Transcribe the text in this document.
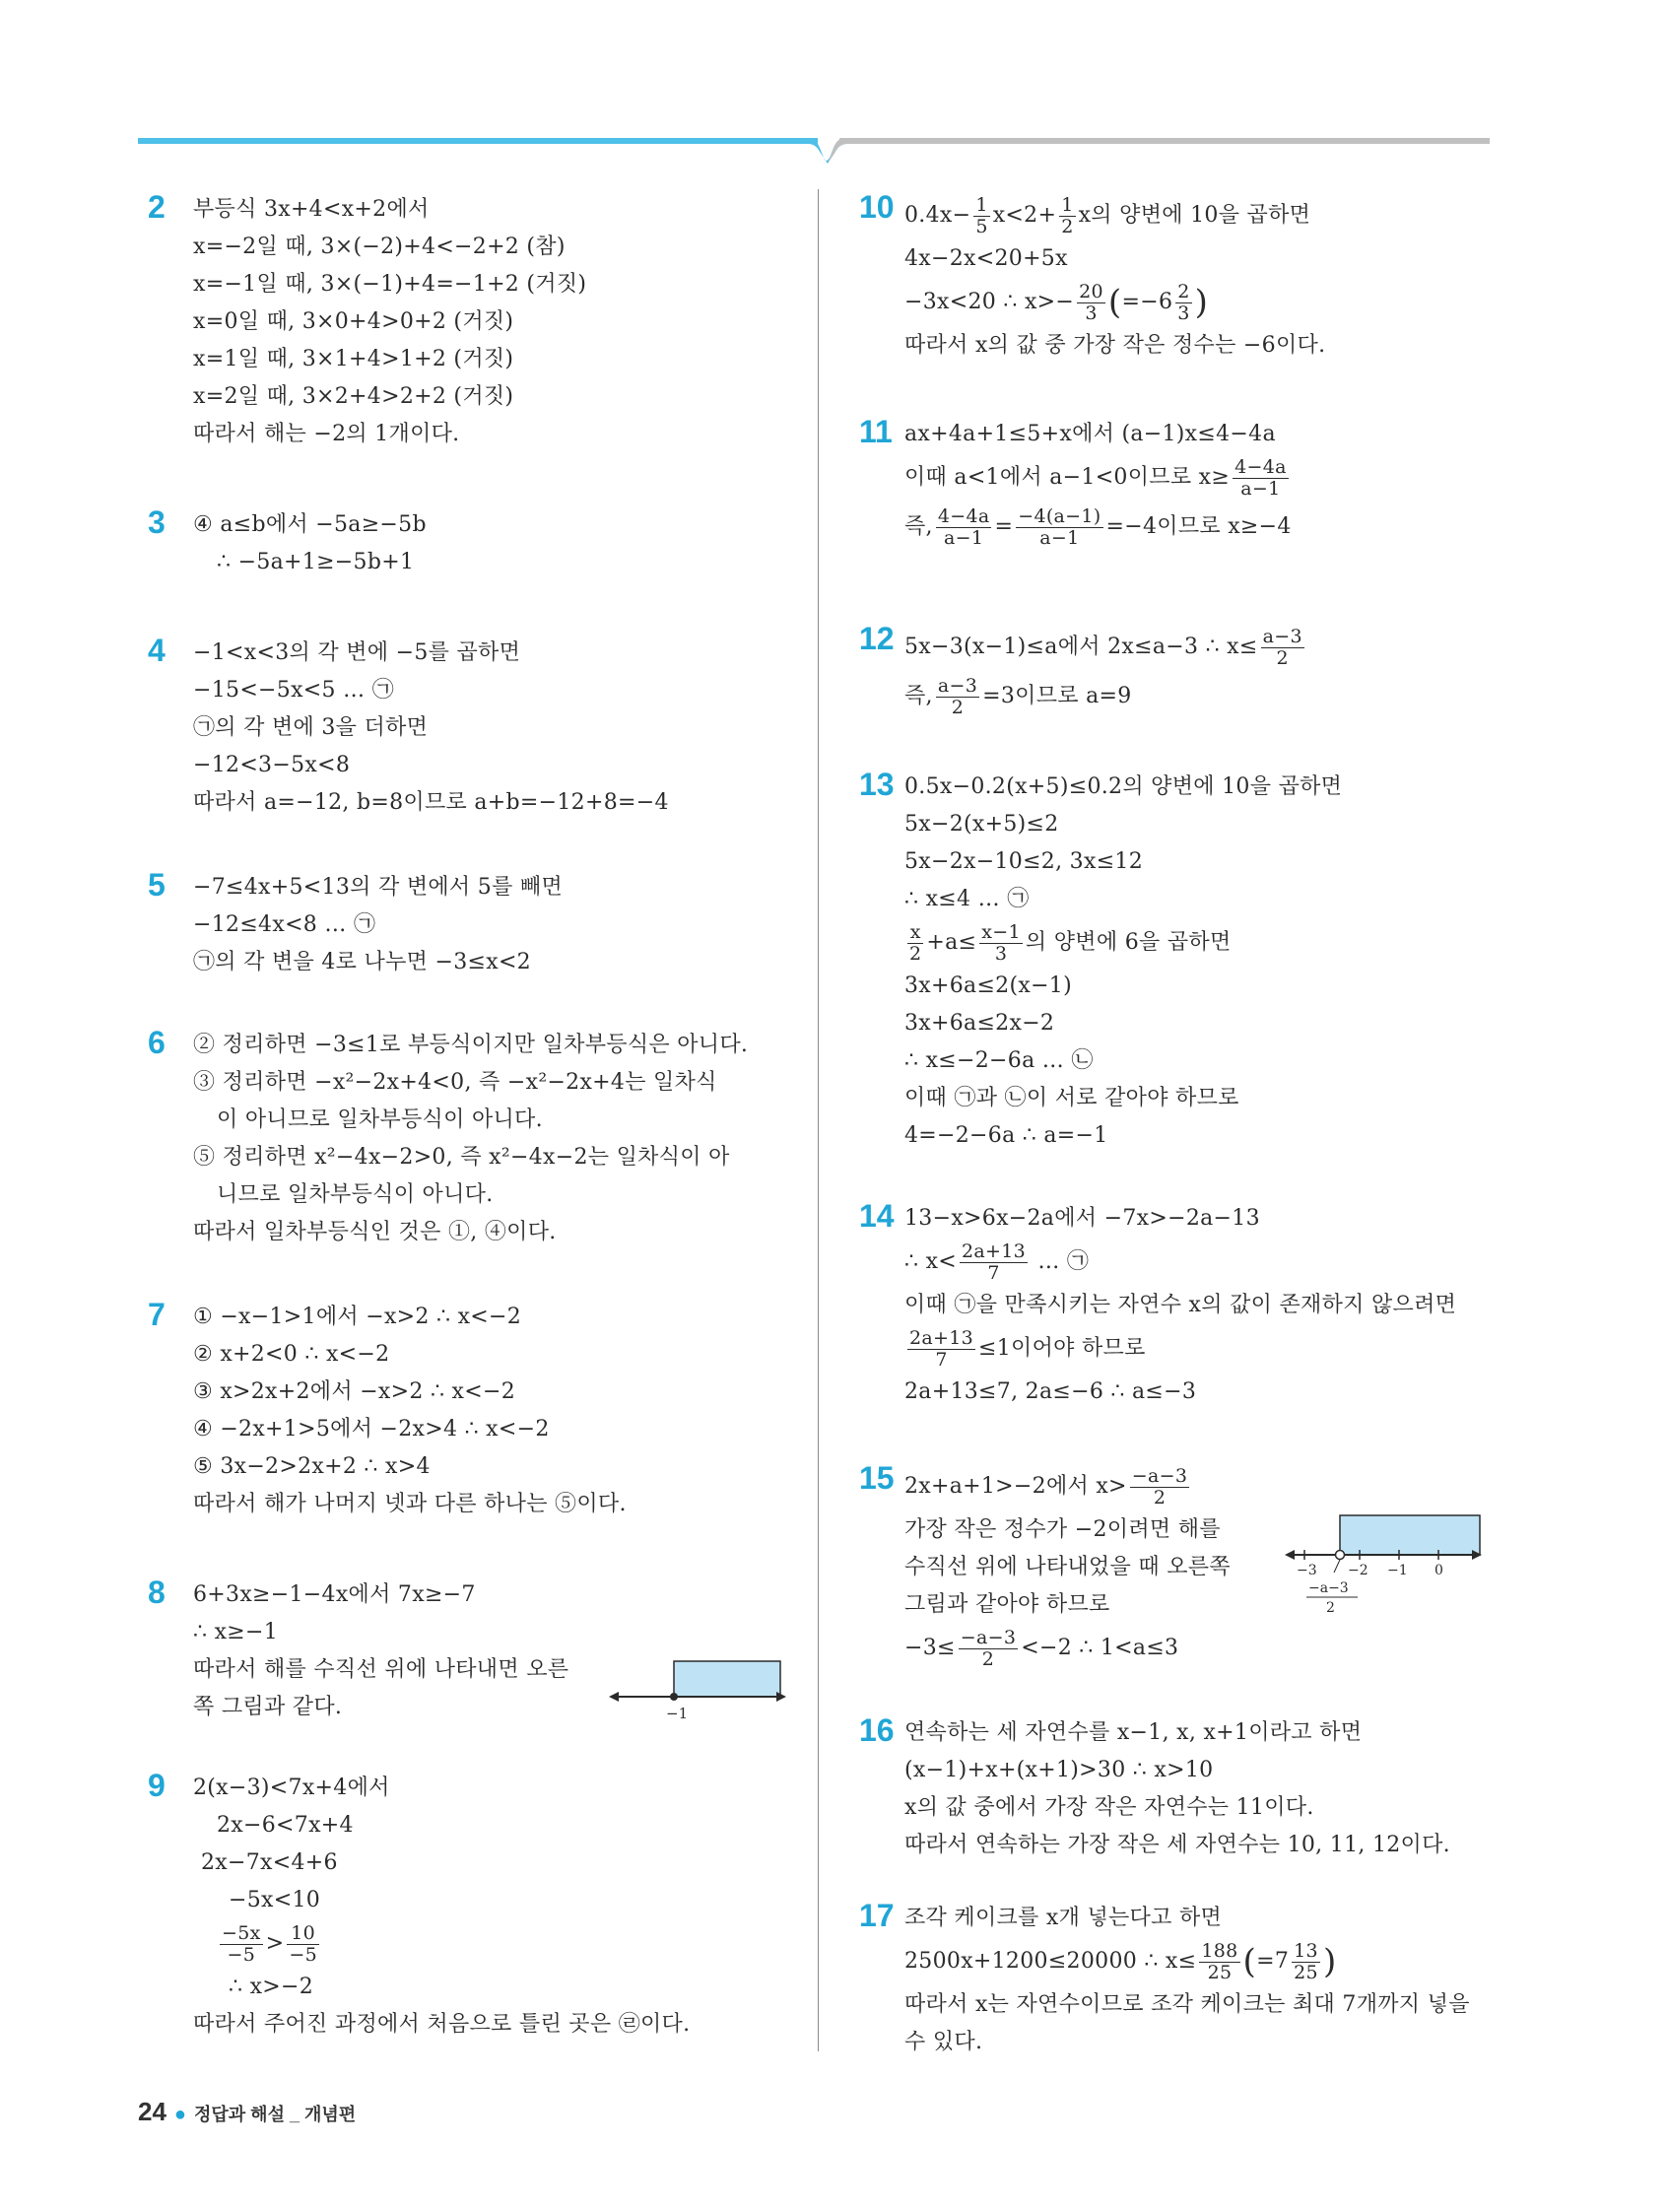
2 부등식 3x+4<x+2에서
x=−2일 때, 3×(−2)+4<−2+2 (참)
x=−1일 때, 3×(−1)+4=−1+2 (거짓)
x=0일 때, 3×0+4>0+2 (거짓)
x=1일 때, 3×1+4>1+2 (거짓)
x=2일 때, 3×2+4>2+2 (거짓)
따라서 해는 −2의 1개이다.
3 ④ a≤b에서 −5a≥−5b
∴ −5a+1≥−5b+1
4 −1<x<3의 각 변에 −5를 곱하면
−15<−5x<5 … ㉠
㉠의 각 변에 3을 더하면
−12<3−5x<8
따라서 a=−12, b=8이므로 a+b=−12+8=−4
5 −7≤4x+5<13의 각 변에서 5를 빼면
−12≤4x<8 … ㉠
㉠의 각 변을 4로 나누면 −3≤x<2
6 ② 정리하면 −3≤1로 부등식이지만 일차부등식은 아니다.
③ 정리하면 −x²−2x+4<0, 즉 −x²−2x+4는 일차식
이 아니므로 일차부등식이 아니다.
⑤ 정리하면 x²−4x−2>0, 즉 x²−4x−2는 일차식이 아
니므로 일차부등식이 아니다.
따라서 일차부등식인 것은 ①, ④이다.
7 ① −x−1>1에서 −x>2 ∴ x<−2
② x+2<0 ∴ x<−2
③ x>2x+2에서 −x>2 ∴ x<−2
④ −2x+1>5에서 −2x>4 ∴ x<−2
⑤ 3x−2>2x+2 ∴ x>4
따라서 해가 나머지 넷과 다른 하나는 ⑤이다.
8 6+3x≥−1−4x에서 7x≥−7
∴ x≥−1
따라서 해를 수직선 위에 나타내면 오른
쪽 그림과 같다.	−1
9 2(x−3)<7x+4에서
2x−6<7x+4
2x−7x<4+6
−5x<10
$\frac{-5x}{-5} > \frac{10}{-5}$
∴ x>−2
따라서 주어진 과정에서 처음으로 틀린 곳은 ㉣이다.
10 $0.4x- \frac{1}{5} x<2+ \frac{1}{2}$ x의 양변에 10을 곱하면
4x−2x<20+5x
−3x<20 ∴ $x>- \frac{20}{3} (=-6 \frac{2}{3}$ )
따라서 x의 값 중 가장 작은 정수는 −6이다.
11 ax+4a+1≤5+x에서 (a−1)x≤4−4a
이때 a<1에서 a−1<0이므로 $x\ge \frac{4-4a}{a-1}$
즉, $\frac{4-4a}{a-1} = \frac{-4(a-1)}{a-1} =-4$이므로 x≥−4
12 5x−3(x−1)≤a에서 2x≤a−3 ∴ $x\le \frac{a-3}{2}$
즉, $\frac{a-3}{2} =3$이므로 a=9
13 0.5x−0.2(x+5)≤0.2의 양변에 10을 곱하면
5x−2(x+5)≤2
5x−2x−10≤2, 3x≤12
∴ x≤4 … ㉠
$\frac{x}{2} +a\le \frac{x-1}{3}$ 의 양변에 6을 곱하면
3x+6a≤2(x−1)
3x+6a≤2x−2
∴ x≤−2−6a … ㉡
이때 ㉠과 ㉡이 서로 같아야 하므로
4=−2−6a ∴ a=−1
14 13−x>6x−2a에서 −7x>−2a−13
∴ $x< \frac{2a+13}{7}$ … ㉠
이때 ㉠을 만족시키는 자연수 x의 값이 존재하지 않으려면
$\frac{2a+13}{7} \le 1$이어야 하므로
2a+13≤7, 2a≤−6 ∴ a≤−3
15 2x+a+1>−2에서 $x> \frac{-a-3}{2}$
가장 작은 정수가 −2이려면 해를
수직선 위에 나타내었을 때 오른쪽
그림과 같아야 하므로
$-3\le \frac{-a-3}{2} <-2$ ∴ 1<a≤3
−3 −2 −1 0
−a−3
2
16 연속하는 세 자연수를 x−1, x, x+1이라고 하면
(x−1)+x+(x+1)>30 ∴ x>10
x의 값 중에서 가장 작은 자연수는 11이다.
따라서 연속하는 가장 작은 세 자연수는 10, 11, 12이다.
17 조각 케이크를 x개 넣는다고 하면
2500x+1200≤20000 ∴ $x\le \frac{188}{25} (=7 \frac{13}{25}$ )
따라서 x는 자연수이므로 조각 케이크는 최대 7개까지 넣을
수 있다.
24 ● 정답과 해설 _ 개념편
